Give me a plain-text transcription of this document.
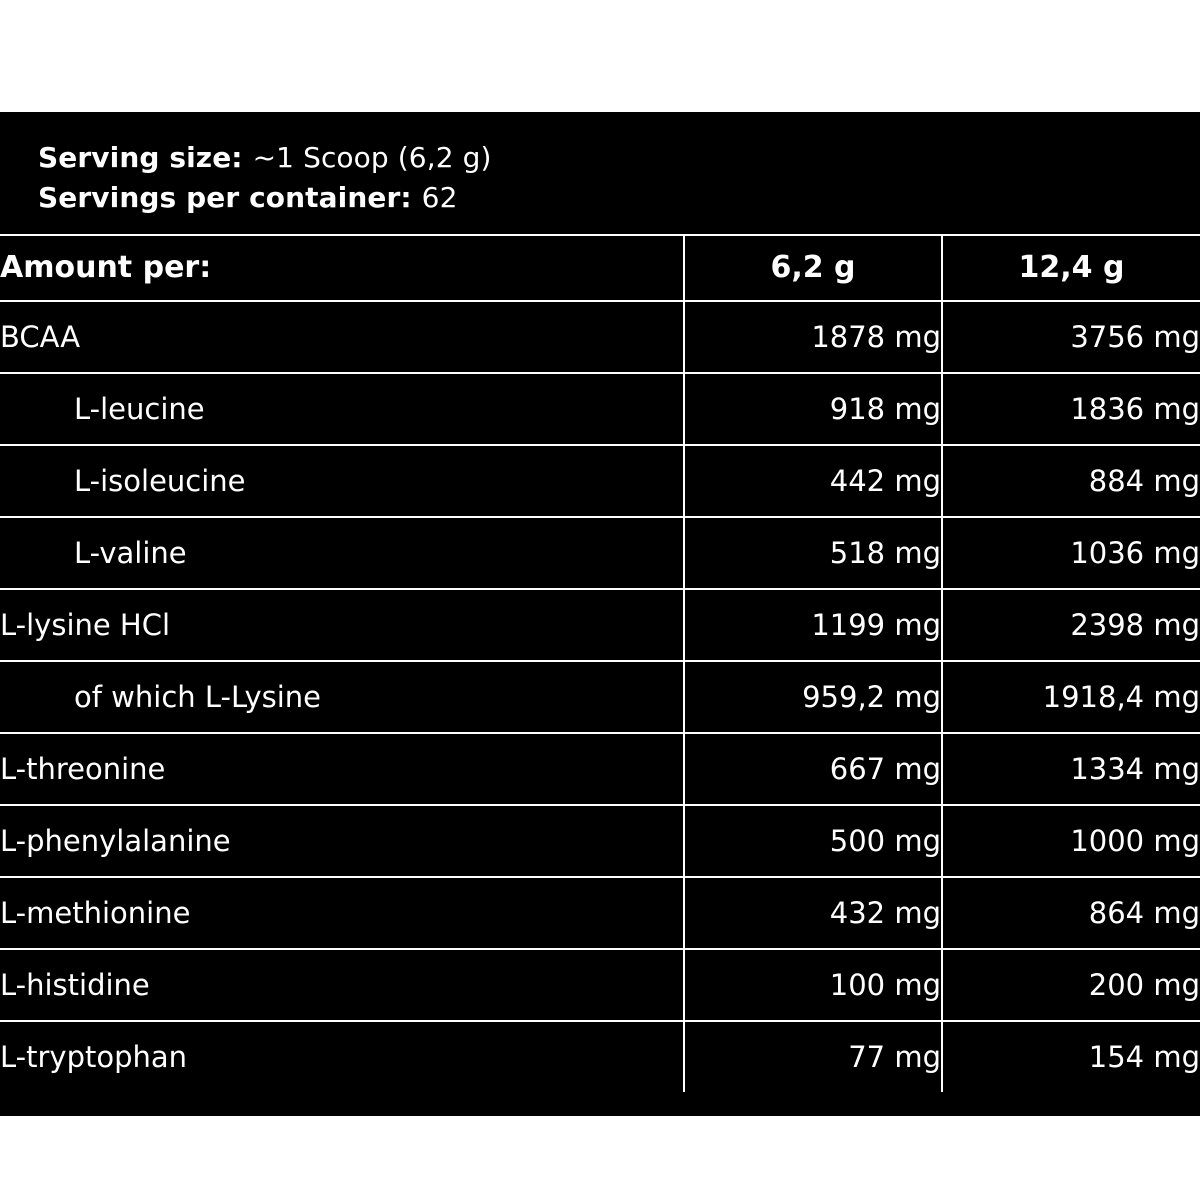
Serving size: ~1 Scoop (6,2 g)
Servings per container: 62
Amount per:	6,2 g	12,4 g
BCAA	1878 mg	3756 mg
L-leucine	918 mg	1836 mg
L-isoleucine	442 mg	884 mg
L-valine	518 mg	1036 mg
L-lysine HCl	1199 mg	2398 mg
of which L-Lysine	959,2 mg	1918,4 mg
L-threonine	667 mg	1334 mg
L-phenylalanine	500 mg	1000 mg
L-methionine	432 mg	864 mg
L-histidine	100 mg	200 mg
L-tryptophan	77 mg	154 mg
